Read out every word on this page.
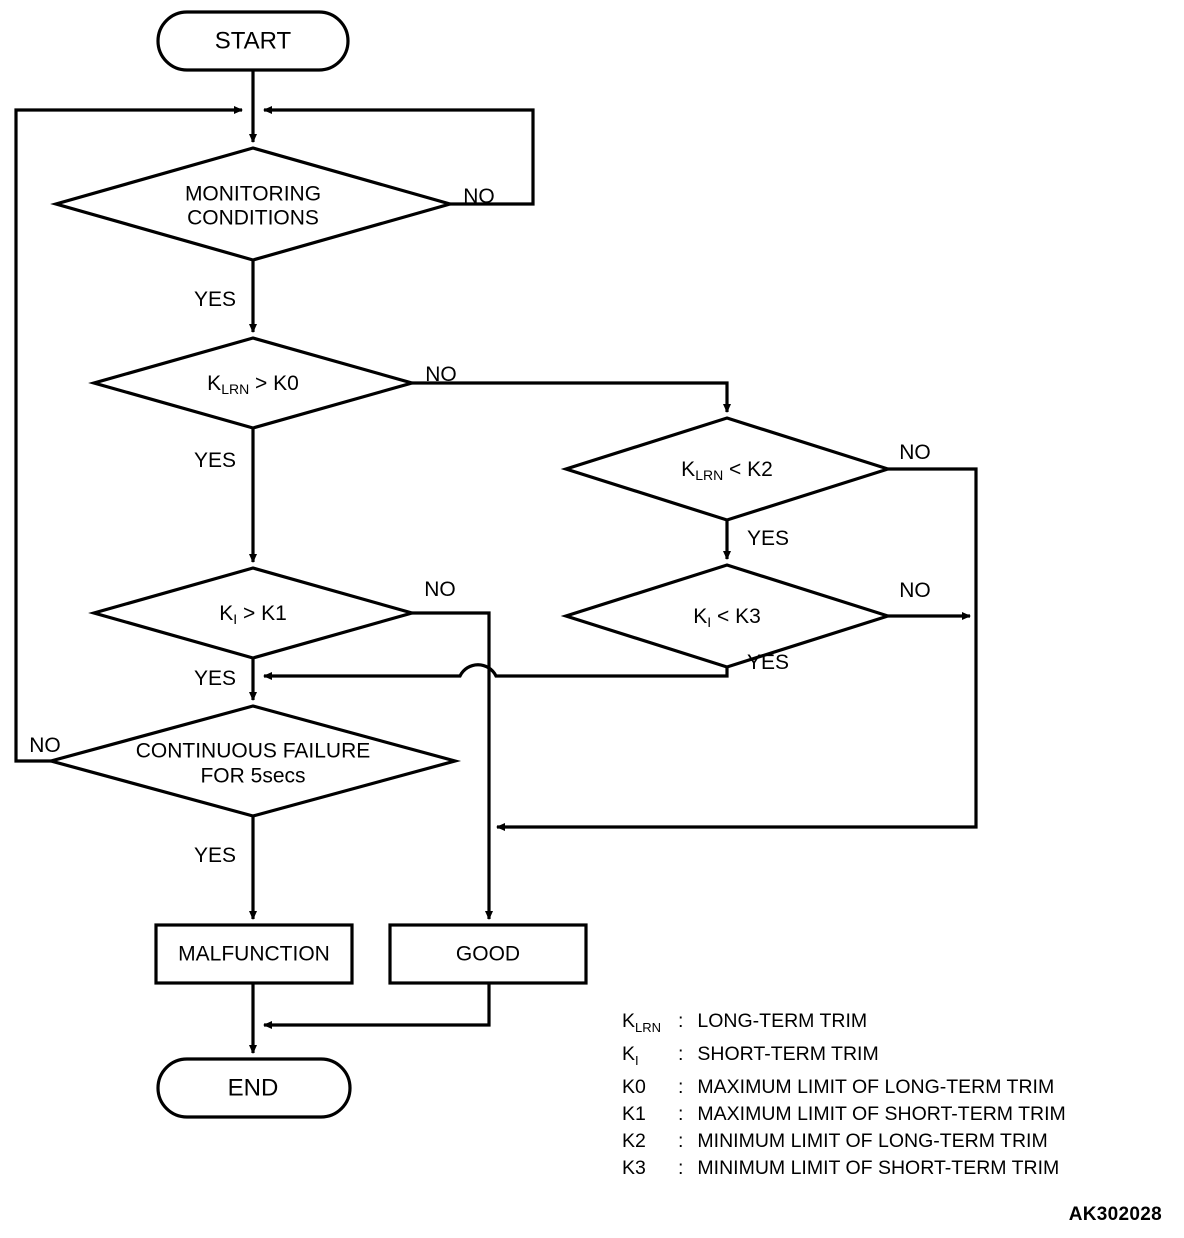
START
MONITORING
CONDITIONS
$K_{LRN} > K0$
$K_I > K1$
$K_{LRN} < K2$
$K_I < K3$
CONTINUOUS FAILURE
FOR 5secs
MALFUNCTION	GOOD
END
NO
YES
NO
YES
NO
YES
NO
YES
NO
YES
NO
YES
$K_{LRN}$ : LONG-TERM TRIM
$K_I$	: SHORT-TERM TRIM
K0	: MAXIMUM LIMIT OF LONG-TERM TRIM
K1	: MAXIMUM LIMIT OF SHORT-TERM TRIM
K2	: MINIMUM LIMIT OF LONG-TERM TRIM
K3	: MINIMUM LIMIT OF SHORT-TERM TRIM
AK302028
